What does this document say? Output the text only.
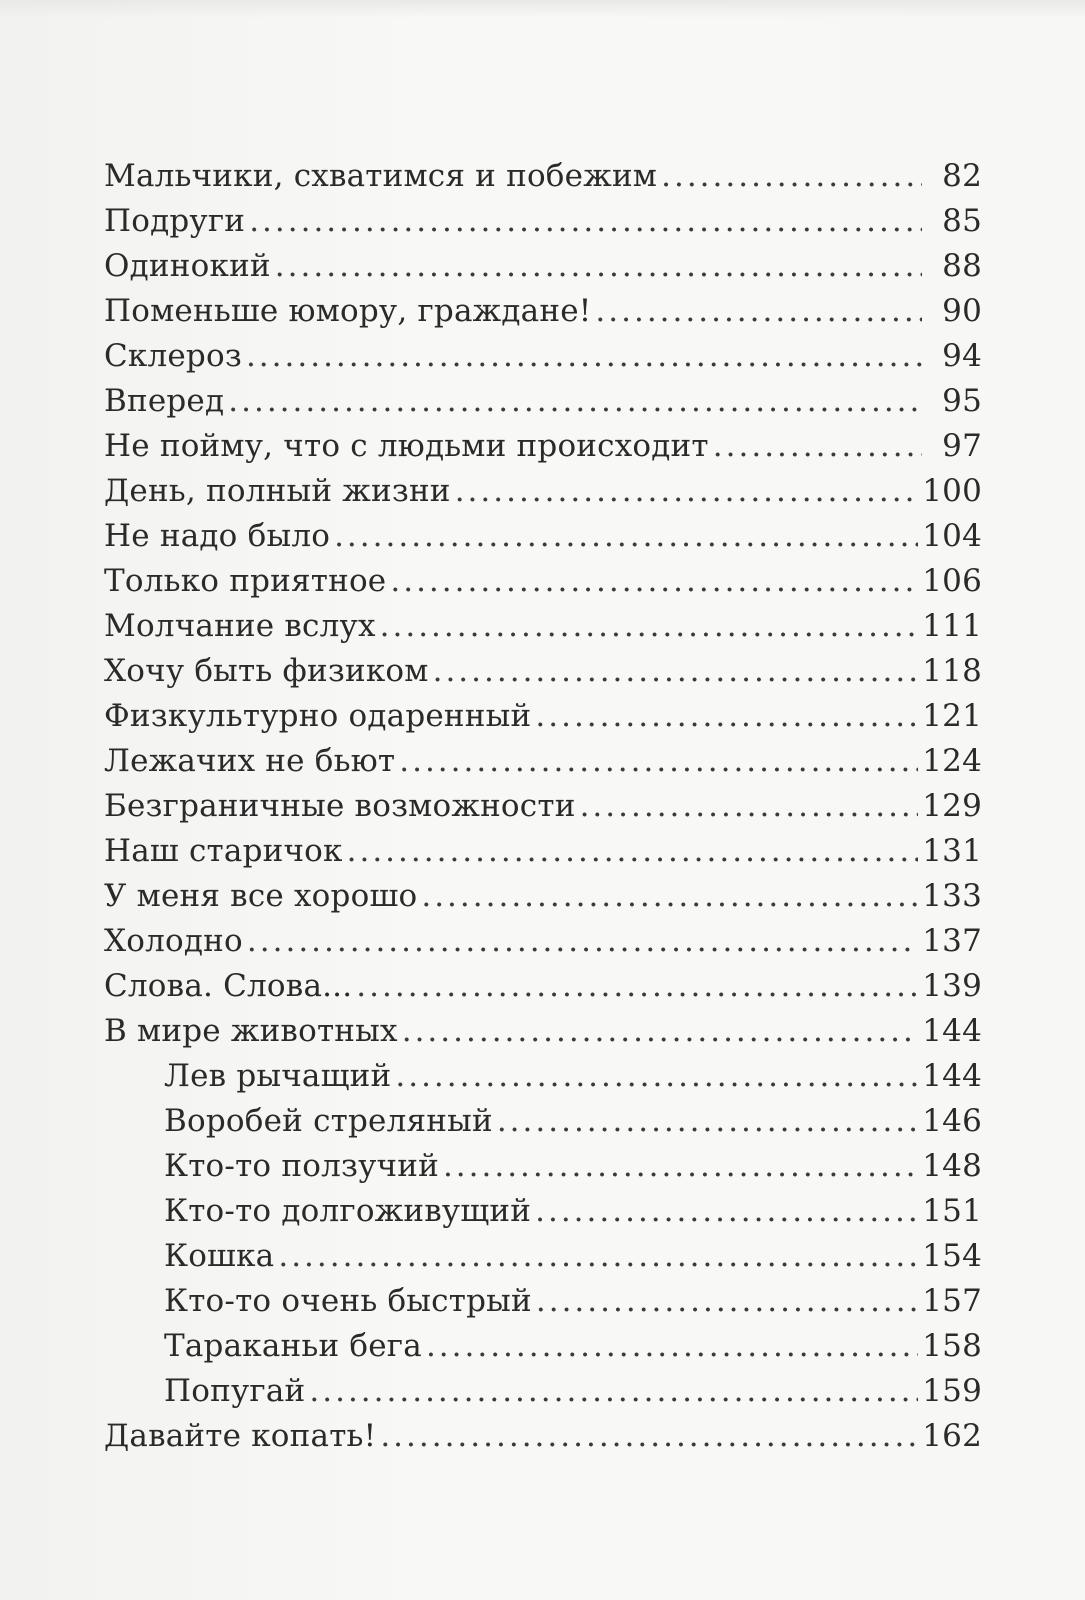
Мальчики, схватимся и побежим .....	82
Подруги .....	85
Одинокий .....	88
Поменьше юмору, граждане! .....	90
Склероз .....	94
Вперед .....	95
Не пойму, что с людьми происходит .....	97
День, полный жизни .....	100
Не надо было .....	104
Только приятное .....	106
Молчание вслух .....	111
Хочу быть физиком .....	118
Физкультурно одаренный .....	121
Лежачих не бьют .....	124
Безграничные возможности .....	129
Наш старичок .....	131
У меня все хорошо .....	133
Холодно .....	137
Слова. Слова... .....	139
В мире животных .....	144
Лев рычащий .....	144
Воробей стреляный .....	146
Кто-то ползучий .....	148
Кто-то долгоживущий .....	151
Кошка .....	154
Кто-то очень быстрый .....	157
Тараканьи бега .....	158
Попугай .....	159
Давайте копать! .....	162
